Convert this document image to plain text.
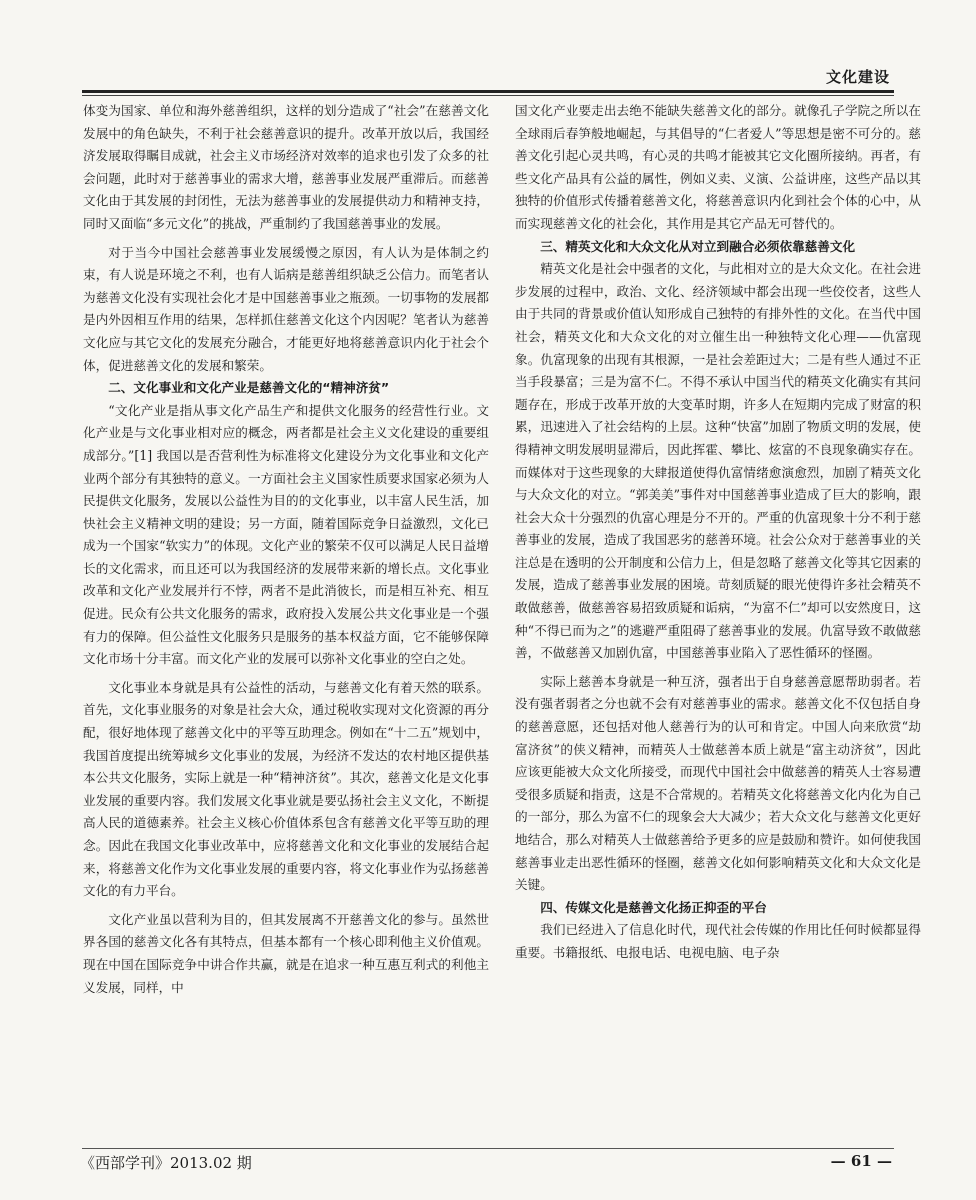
文化建设

体变为国家、单位和海外慈善组织，这样的划分造成了“社会”在慈善文化发展中的角色缺失，不利于社会慈善意识的提升。改革开放以后，我国经济发展取得瞩目成就，社会主义市场经济对效率的追求也引发了众多的社会问题，此时对于慈善事业的需求大增，慈善事业发展严重滞后。而慈善文化由于其发展的封闭性，无法为慈善事业的发展提供动力和精神支持，同时又面临“多元文化”的挑战，严重制约了我国慈善事业的发展。

对于当今中国社会慈善事业发展缓慢之原因，有人认为是体制之约束，有人说是环境之不利，也有人诟病是慈善组织缺乏公信力。而笔者认为慈善文化没有实现社会化才是中国慈善事业之瓶颈。一切事物的发展都是内外因相互作用的结果，怎样抓住慈善文化这个内因呢？笔者认为慈善文化应与其它文化的发展充分融合，才能更好地将慈善意识内化于社会个体，促进慈善文化的发展和繁荣。

二、文化事业和文化产业是慈善文化的“精神济贫”

“文化产业是指从事文化产品生产和提供文化服务的经营性行业。文化产业是与文化事业相对应的概念，两者都是社会主义文化建设的重要组成部分。”[1] 我国以是否营利性为标准将文化建设分为文化事业和文化产业两个部分有其独特的意义。一方面社会主义国家性质要求国家必须为人民提供文化服务，发展以公益性为目的的文化事业，以丰富人民生活，加快社会主义精神文明的建设；另一方面，随着国际竞争日益激烈，文化已成为一个国家“软实力”的体现。文化产业的繁荣不仅可以满足人民日益增长的文化需求，而且还可以为我国经济的发展带来新的增长点。文化事业改革和文化产业发展并行不悖，两者不是此消彼长，而是相互补充、相互促进。民众有公共文化服务的需求，政府投入发展公共文化事业是一个强有力的保障。但公益性文化服务只是服务的基本权益方面，它不能够保障文化市场十分丰富。而文化产业的发展可以弥补文化事业的空白之处。

文化事业本身就是具有公益性的活动，与慈善文化有着天然的联系。首先，文化事业服务的对象是社会大众，通过税收实现对文化资源的再分配，很好地体现了慈善文化中的平等互助理念。例如在“十二五”规划中，我国首度提出统筹城乡文化事业的发展，为经济不发达的农村地区提供基本公共文化服务，实际上就是一种“精神济贫”。其次，慈善文化是文化事业发展的重要内容。我们发展文化事业就是要弘扬社会主义文化，不断提高人民的道德素养。社会主义核心价值体系包含有慈善文化平等互助的理念。因此在我国文化事业改革中，应将慈善文化和文化事业的发展结合起来，将慈善文化作为文化事业发展的重要内容，将文化事业作为弘扬慈善文化的有力平台。

文化产业虽以营利为目的，但其发展离不开慈善文化的参与。虽然世界各国的慈善文化各有其特点，但基本都有一个核心即利他主义价值观。现在中国在国际竞争中讲合作共赢，就是在追求一种互惠互利式的利他主义发展，同样，中

国文化产业要走出去绝不能缺失慈善文化的部分。就像孔子学院之所以在全球雨后春笋般地崛起，与其倡导的“仁者爱人”等思想是密不可分的。慈善文化引起心灵共鸣，有心灵的共鸣才能被其它文化圈所接纳。再者，有些文化产品具有公益的属性，例如义卖、义演、公益讲座，这些产品以其独特的价值形式传播着慈善文化，将慈善意识内化到社会个体的心中，从而实现慈善文化的社会化，其作用是其它产品无可替代的。

三、精英文化和大众文化从对立到融合必须依靠慈善文化

精英文化是社会中强者的文化，与此相对立的是大众文化。在社会进步发展的过程中，政治、文化、经济领域中都会出现一些佼佼者，这些人由于共同的背景或价值认知形成自己独特的有排外性的文化。在当代中国社会，精英文化和大众文化的对立催生出一种独特文化心理——仇富现象。仇富现象的出现有其根源，一是社会差距过大；二是有些人通过不正当手段暴富；三是为富不仁。不得不承认中国当代的精英文化确实有其问题存在，形成于改革开放的大变革时期，许多人在短期内完成了财富的积累，迅速进入了社会结构的上层。这种“快富”加剧了物质文明的发展，使得精神文明发展明显滞后，因此挥霍、攀比、炫富的不良现象确实存在。而媒体对于这些现象的大肆报道使得仇富情绪愈演愈烈，加剧了精英文化与大众文化的对立。“郭美美”事件对中国慈善事业造成了巨大的影响，跟社会大众十分强烈的仇富心理是分不开的。严重的仇富现象十分不利于慈善事业的发展，造成了我国恶劣的慈善环境。社会公众对于慈善事业的关注总是在透明的公开制度和公信力上，但是忽略了慈善文化等其它因素的发展，造成了慈善事业发展的困境。苛刻质疑的眼光使得许多社会精英不敢做慈善，做慈善容易招致质疑和诟病，“为富不仁”却可以安然度日，这种“不得已而为之”的逃避严重阻碍了慈善事业的发展。仇富导致不敢做慈善，不做慈善又加剧仇富，中国慈善事业陷入了恶性循环的怪圈。

实际上慈善本身就是一种互济，强者出于自身慈善意愿帮助弱者。若没有强者弱者之分也就不会有对慈善事业的需求。慈善文化不仅包括自身的慈善意愿，还包括对他人慈善行为的认可和肯定。中国人向来欣赏“劫富济贫”的侠义精神，而精英人士做慈善本质上就是“富主动济贫”，因此应该更能被大众文化所接受，而现代中国社会中做慈善的精英人士容易遭受很多质疑和指责，这是不合常规的。若精英文化将慈善文化内化为自己的一部分，那么为富不仁的现象会大大减少；若大众文化与慈善文化更好地结合，那么对精英人士做慈善给予更多的应是鼓励和赞许。如何使我国慈善事业走出恶性循环的怪圈，慈善文化如何影响精英文化和大众文化是关键。

四、传媒文化是慈善文化扬正抑歪的平台

我们已经进入了信息化时代，现代社会传媒的作用比任何时候都显得重要。书籍报纸、电报电话、电视电脑、电子杂

《西部学刊》2013.02 期	— 61 —
